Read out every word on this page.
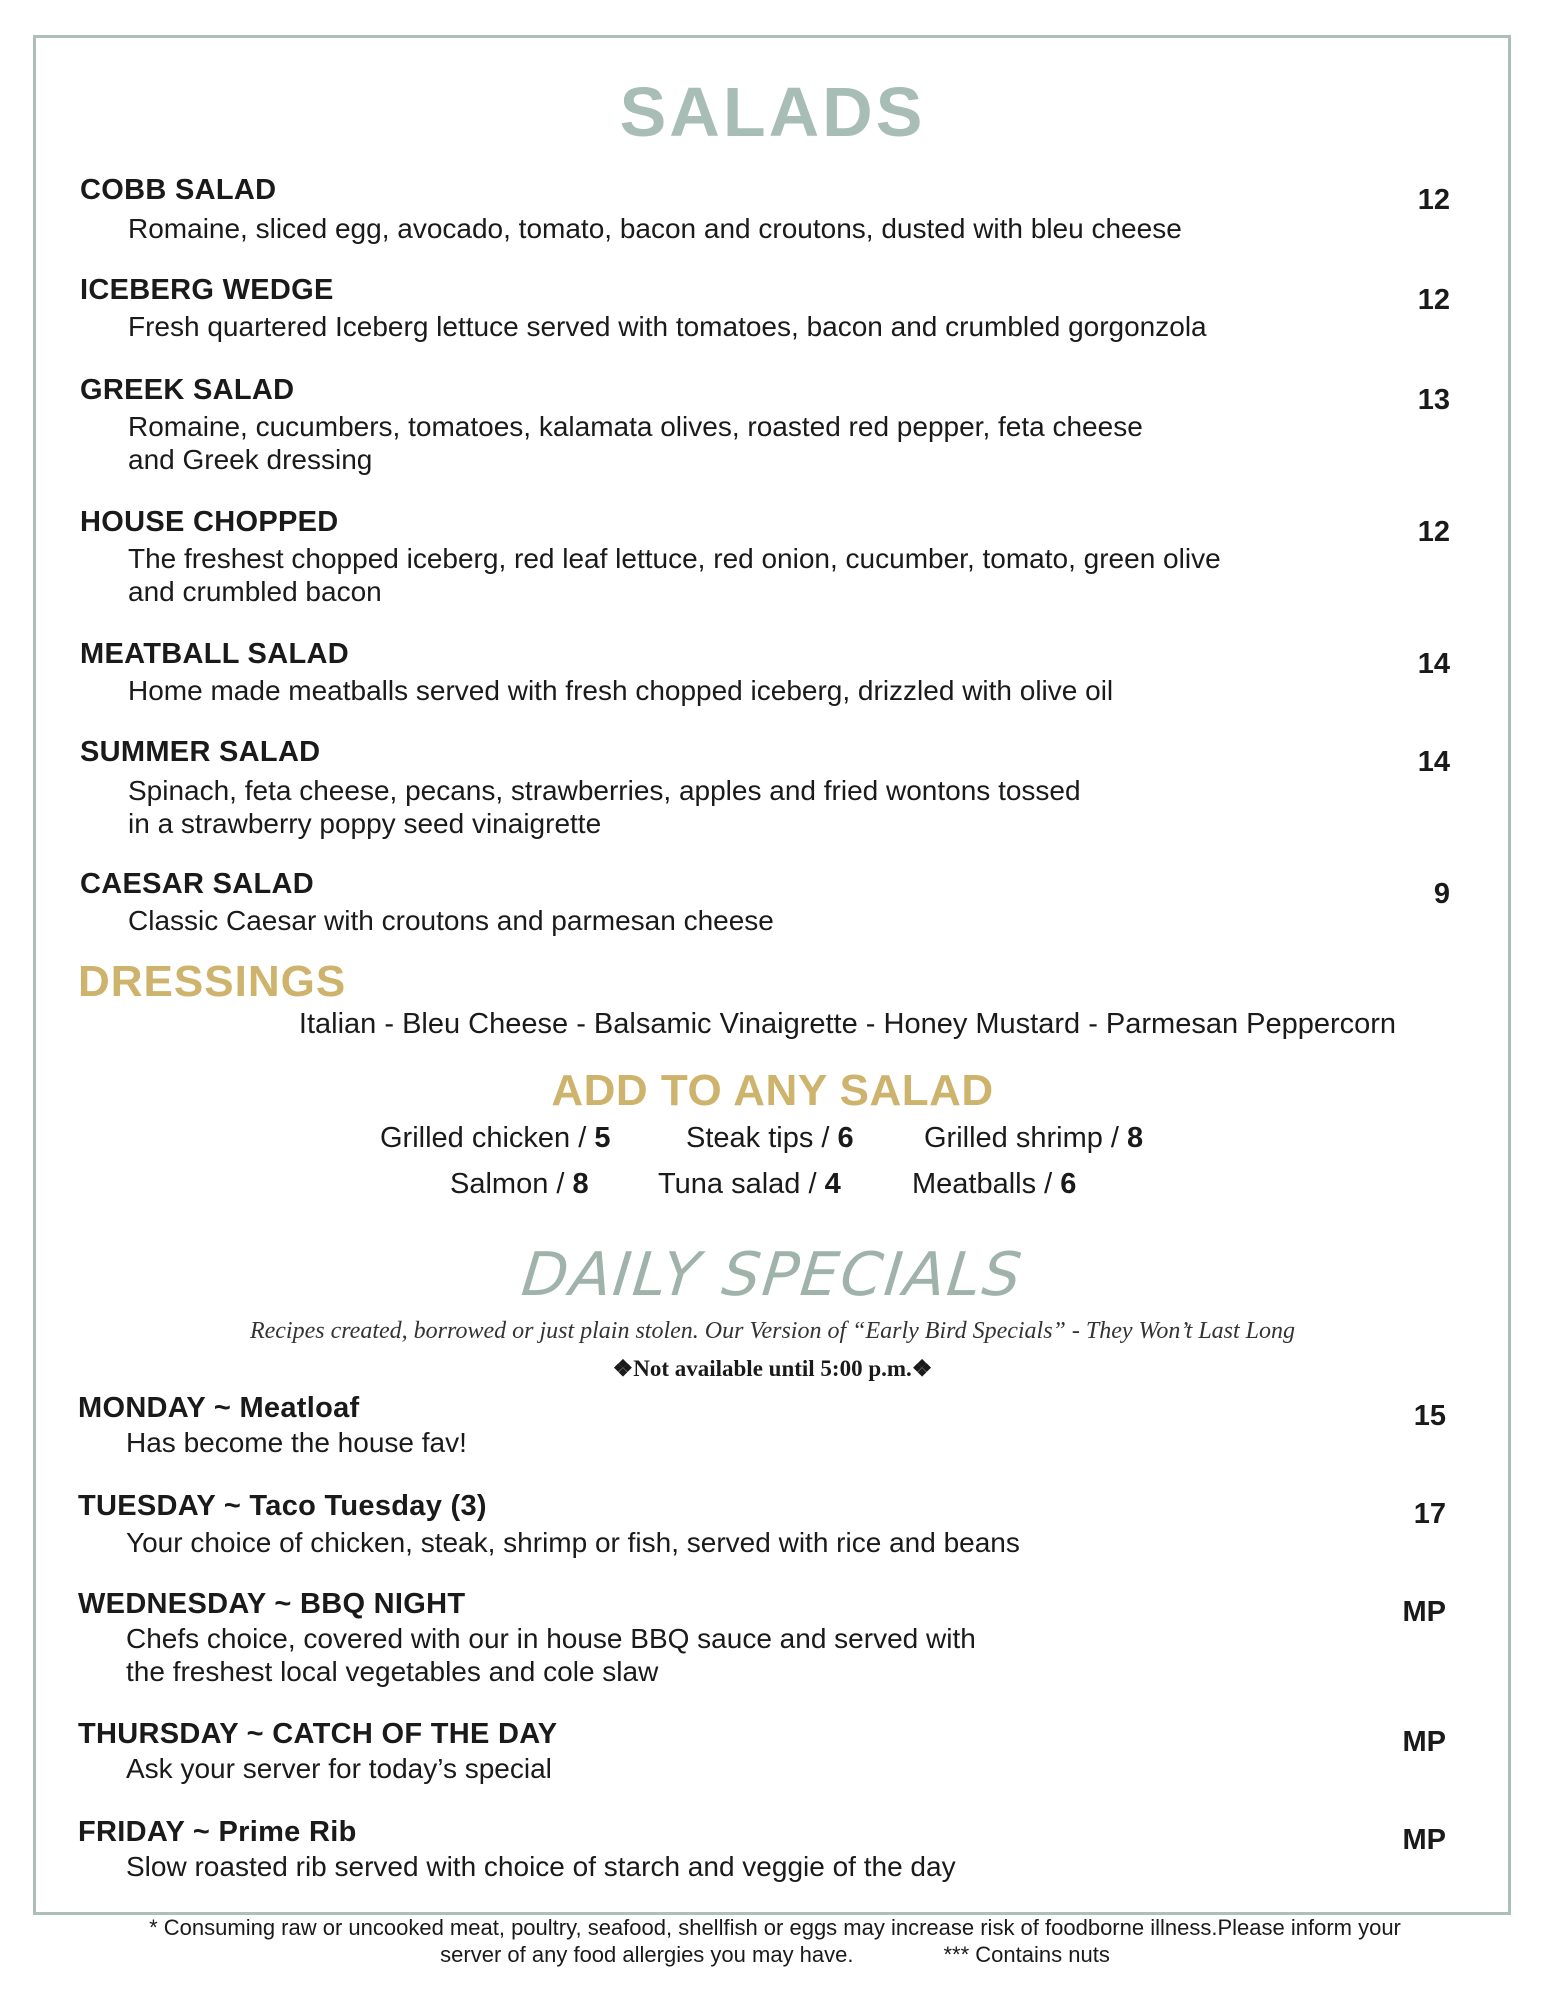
SALADS
COBB SALAD
Romaine, sliced egg, avocado, tomato, bacon and croutons, dusted with bleu cheese
12
ICEBERG WEDGE
Fresh quartered Iceberg lettuce served with tomatoes, bacon and crumbled gorgonzola
12
GREEK SALAD
Romaine, cucumbers, tomatoes, kalamata olives, roasted red pepper, feta cheese
and Greek dressing
13
HOUSE CHOPPED
The freshest chopped iceberg, red leaf lettuce, red onion, cucumber, tomato, green olive
and crumbled bacon
12
MEATBALL SALAD
Home made meatballs served with fresh chopped iceberg, drizzled with olive oil
14
SUMMER SALAD
Spinach, feta cheese, pecans, strawberries, apples and fried wontons tossed
in a strawberry poppy seed vinaigrette
14
CAESAR SALAD
Classic Caesar with croutons and parmesan cheese
9
DRESSINGS
Italian - Bleu Cheese - Balsamic Vinaigrette - Honey Mustard - Parmesan Peppercorn
ADD TO ANY SALAD
Grilled chicken / 5	Steak tips / 6 Grilled shrimp / 8
Salmon / 8 Tuna salad / 4 Meatballs / 6
DAILY SPECIALS
Recipes created, borrowed or just plain stolen. Our Version of “Early Bird Specials” - They Won’t Last Long
❖Not available until 5:00 p.m.❖
MONDAY ~ Meatloaf
Has become the house fav!
15
TUESDAY ~ Taco Tuesday (3)
Your choice of chicken, steak, shrimp or fish, served with rice and beans
17
WEDNESDAY ~ BBQ NIGHT
Chefs choice, covered with our in house BBQ sauce and served with
the freshest local vegetables and cole slaw
MP
THURSDAY ~ CATCH OF THE DAY
Ask your server for today’s special
MP
FRIDAY ~ Prime Rib
Slow roasted rib served with choice of starch and veggie of the day
MP
* Consuming raw or uncooked meat, poultry, seafood, shellfish or eggs may increase risk of foodborne illness.Please inform your
server of any food allergies you may have.	*** Contains nuts
